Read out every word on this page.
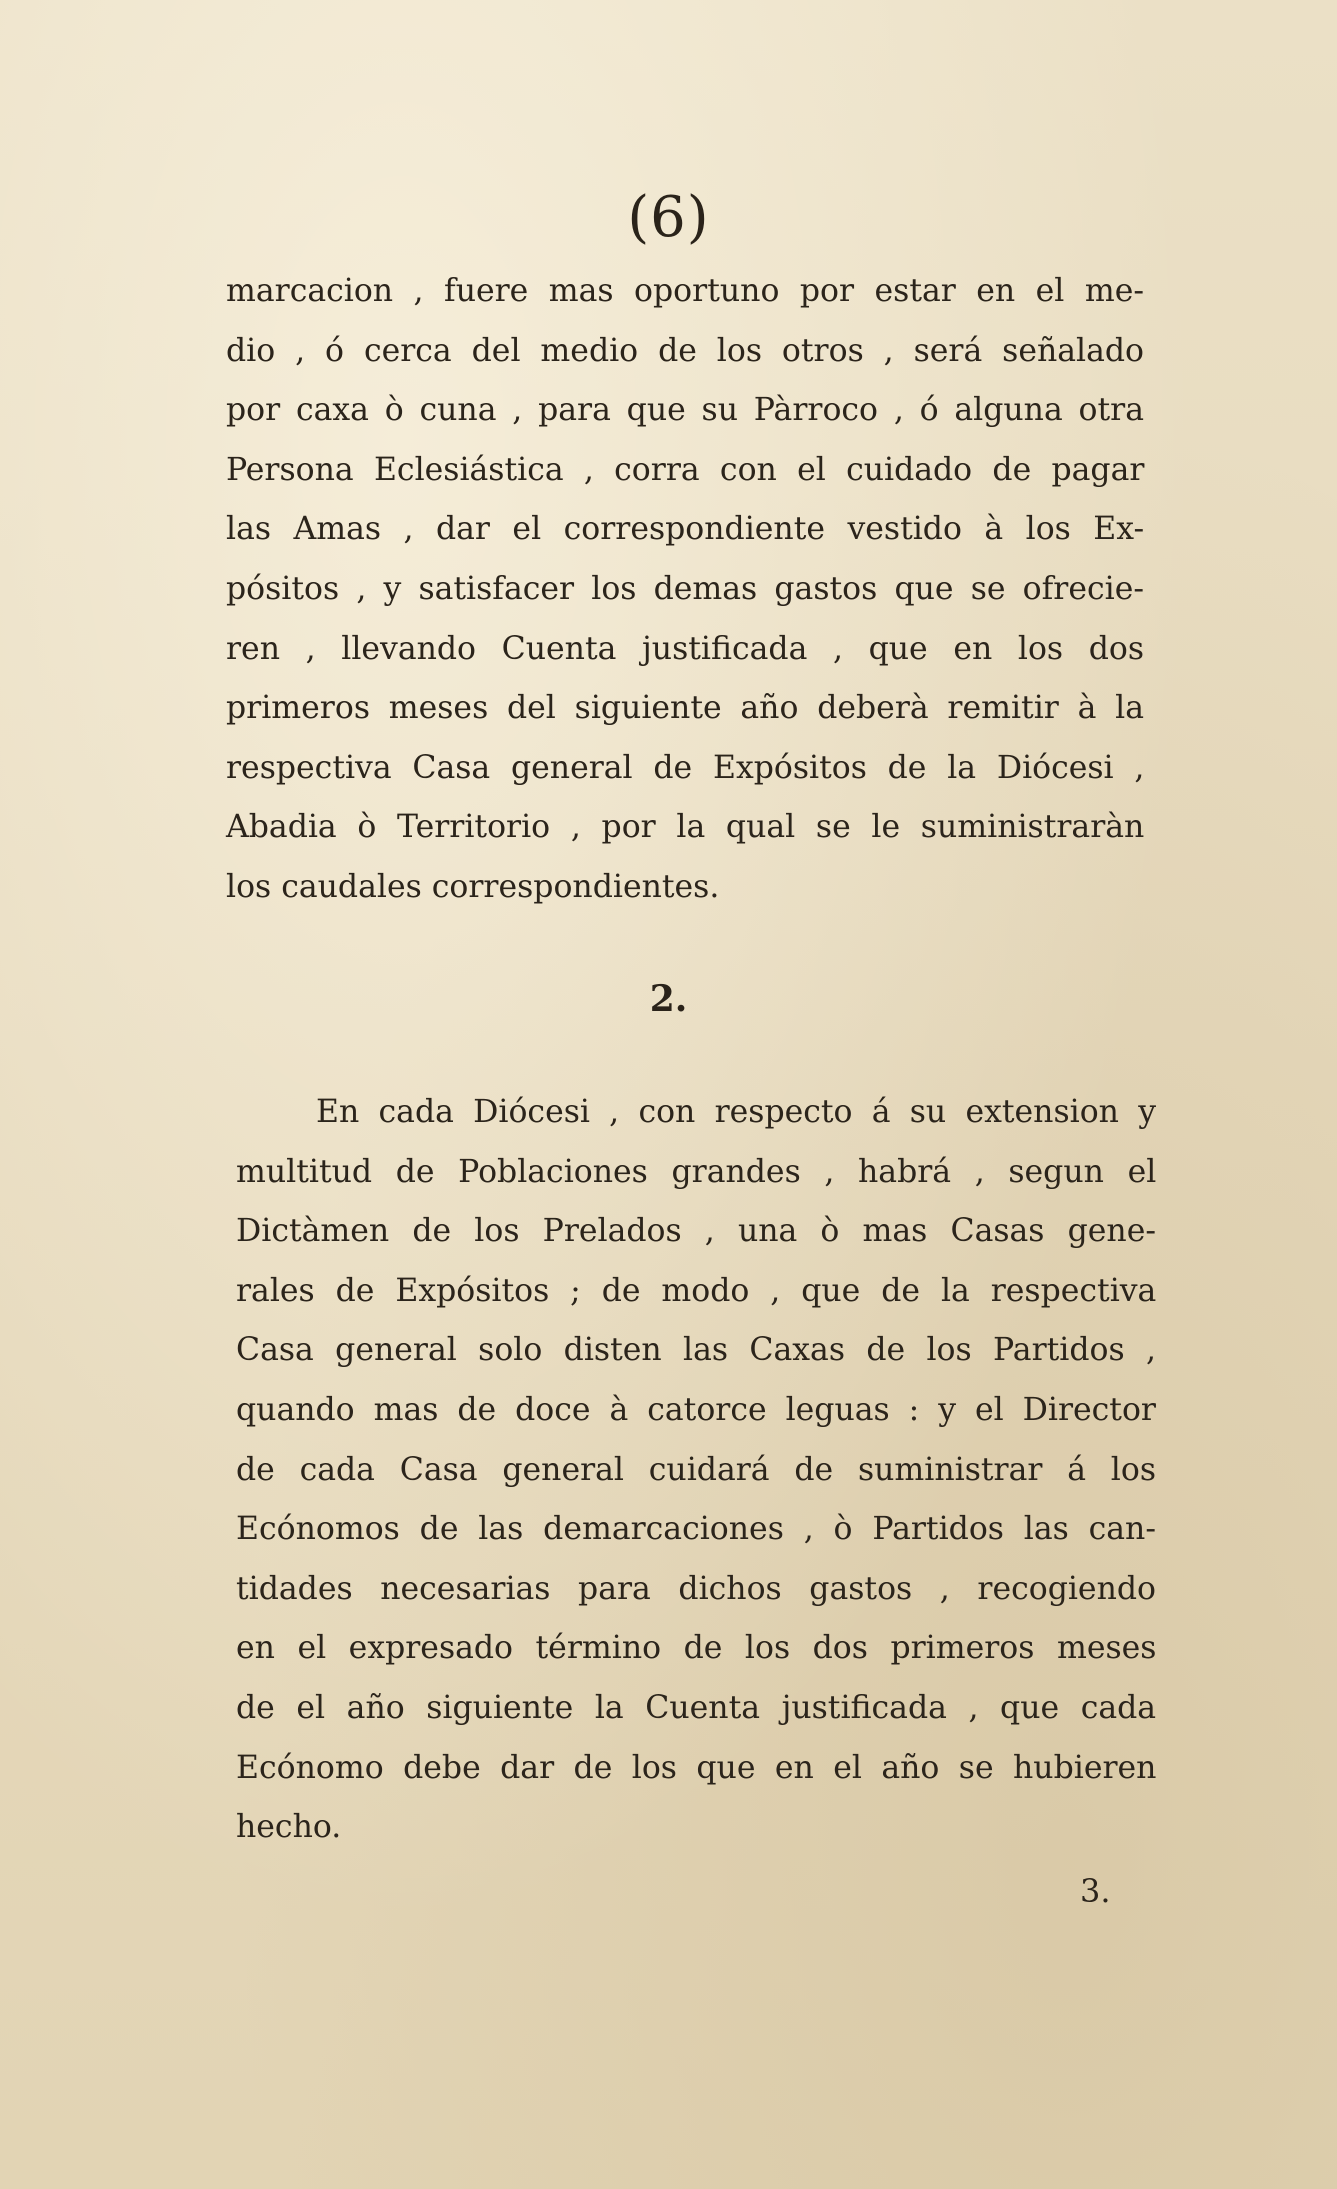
(6)
marcacion , fuere mas oportuno por estar en el me-
dio , ó cerca del medio de los otros , será señalado
por caxa ò cuna , para que su Pàrroco , ó alguna otra
Persona Eclesiástica , corra con el cuidado de pagar
las Amas , dar el correspondiente vestido à los Ex-
pósitos , y satisfacer los demas gastos que se ofrecie-
ren , llevando Cuenta justificada , que en los dos
primeros meses del siguiente año deberà remitir à la
respectiva Casa general de Expósitos de la Diócesi ,
Abadia ò Territorio , por la qual se le suministraràn
los caudales correspondientes.
2.
En cada Diócesi , con respecto á su extension y
multitud de Poblaciones grandes , habrá , segun el
Dictàmen de los Prelados , una ò mas Casas gene-
rales de Expósitos ; de modo , que de la respectiva
Casa general solo disten las Caxas de los Partidos ,
quando mas de doce à catorce leguas : y el Director
de cada Casa general cuidará de suministrar á los
Ecónomos de las demarcaciones , ò Partidos las can-
tidades necesarias para dichos gastos , recogiendo
en el expresado término de los dos primeros meses
de el año siguiente la Cuenta justificada , que cada
Ecónomo debe dar de los que en el año se hubieren
hecho.
3.
